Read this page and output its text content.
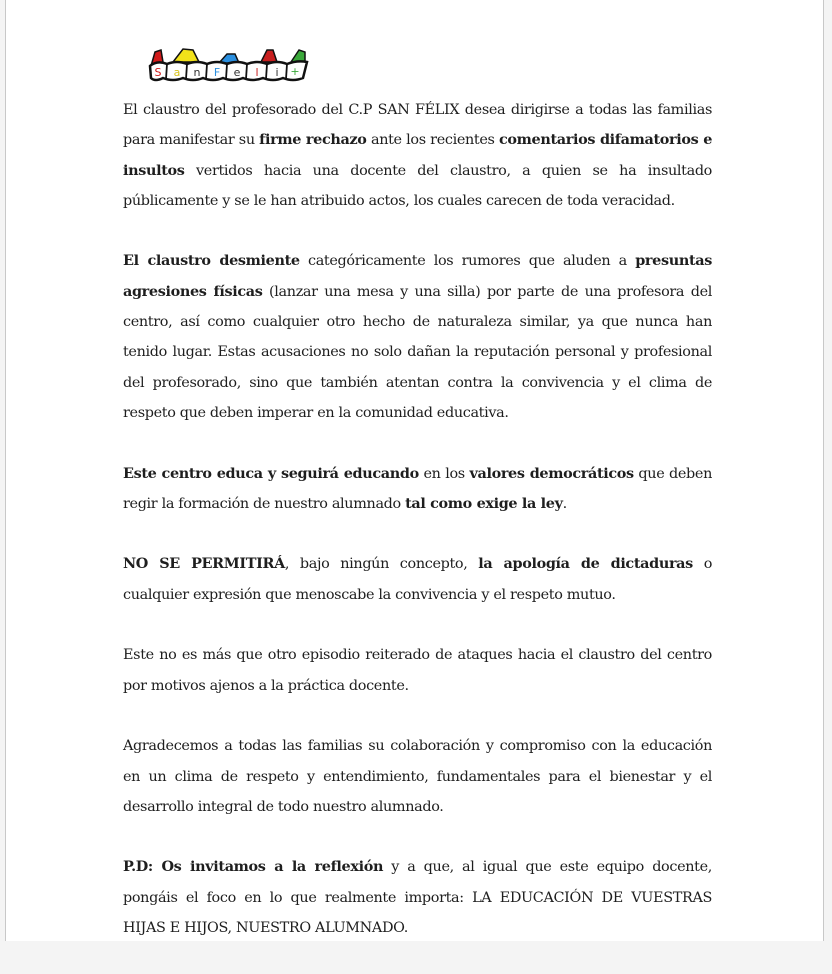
S a n F e l i +

El claustro del profesorado del C.P SAN FÉLIX desea dirigirse a todas las familias para manifestar su firme rechazo ante los recientes comentarios difamatorios e insultos vertidos hacia una docente del claustro, a quien se ha insultado públicamente y se le han atribuido actos, los cuales carecen de toda veracidad.

El claustro desmiente categóricamente los rumores que aluden a presuntas agresiones físicas (lanzar una mesa y una silla) por parte de una profesora del centro, así como cualquier otro hecho de naturaleza similar, ya que nunca han tenido lugar. Estas acusaciones no solo dañan la reputación personal y profesional del profesorado, sino que también atentan contra la convivencia y el clima de respeto que deben imperar en la comunidad educativa.

Este centro educa y seguirá educando en los valores democráticos que deben regir la formación de nuestro alumnado tal como exige la ley.

NO SE PERMITIRÁ, bajo ningún concepto, la apología de dictaduras o cualquier expresión que menoscabe la convivencia y el respeto mutuo.

Este no es más que otro episodio reiterado de ataques hacia el claustro del centro por motivos ajenos a la práctica docente.

Agradecemos a todas las familias su colaboración y compromiso con la educación en un clima de respeto y entendimiento, fundamentales para el bienestar y el desarrollo integral de todo nuestro alumnado.

P.D: Os invitamos a la reflexión y a que, al igual que este equipo docente, pongáis el foco en lo que realmente importa: LA EDUCACIÓN DE VUESTRAS HIJAS E HIJOS, NUESTRO ALUMNADO.
